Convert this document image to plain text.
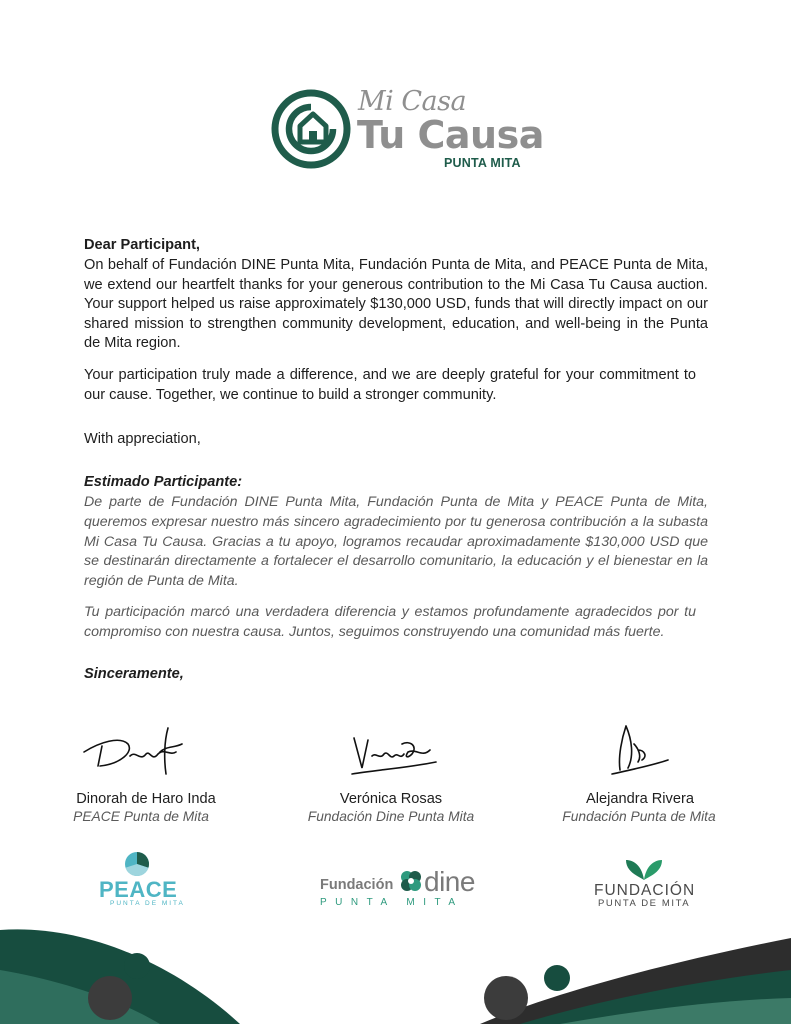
Mi Casa
Tu Causa
PUNTA MITA
Dear Participant,
On behalf of Fundación DINE Punta Mita, Fundación Punta de Mita, and PEACE Punta de Mita, we extend our heartfelt thanks for your generous contribution to the Mi Casa Tu Causa auction. Your support helped us raise approximately $130,000 USD, funds that will directly impact on our shared mission to strengthen community development, education, and well-being in the Punta de Mita region.
Your participation truly made a difference, and we are deeply grateful for your commitment to our cause. Together, we continue to build a stronger community.
With appreciation,
Estimado Participante:
De parte de Fundación DINE Punta Mita, Fundación Punta de Mita y PEACE Punta de Mita, queremos expresar nuestro más sincero agradecimiento por tu generosa contribución a la subasta Mi Casa Tu Causa. Gracias a tu apoyo, logramos recaudar aproximadamente $130,000 USD que se destinarán directamente a fortalecer el desarrollo comunitario, la educación y el bienestar en la región de Punta de Mita.
Tu participación marcó una verdadera diferencia y estamos profundamente agradecidos por tu compromiso con nuestra causa. Juntos, seguimos construyendo una comunidad más fuerte.
Sinceramente,
Dinorah de Haro Inda
PEACE Punta de Mita
Verónica Rosas
Fundación Dine Punta Mita
Alejandra Rivera
Fundación Punta de Mita
PEACE
PUNTA DE MITA
Fundación dine
PUNTA MITA
FUNDACIÓN
PUNTA DE MITA
